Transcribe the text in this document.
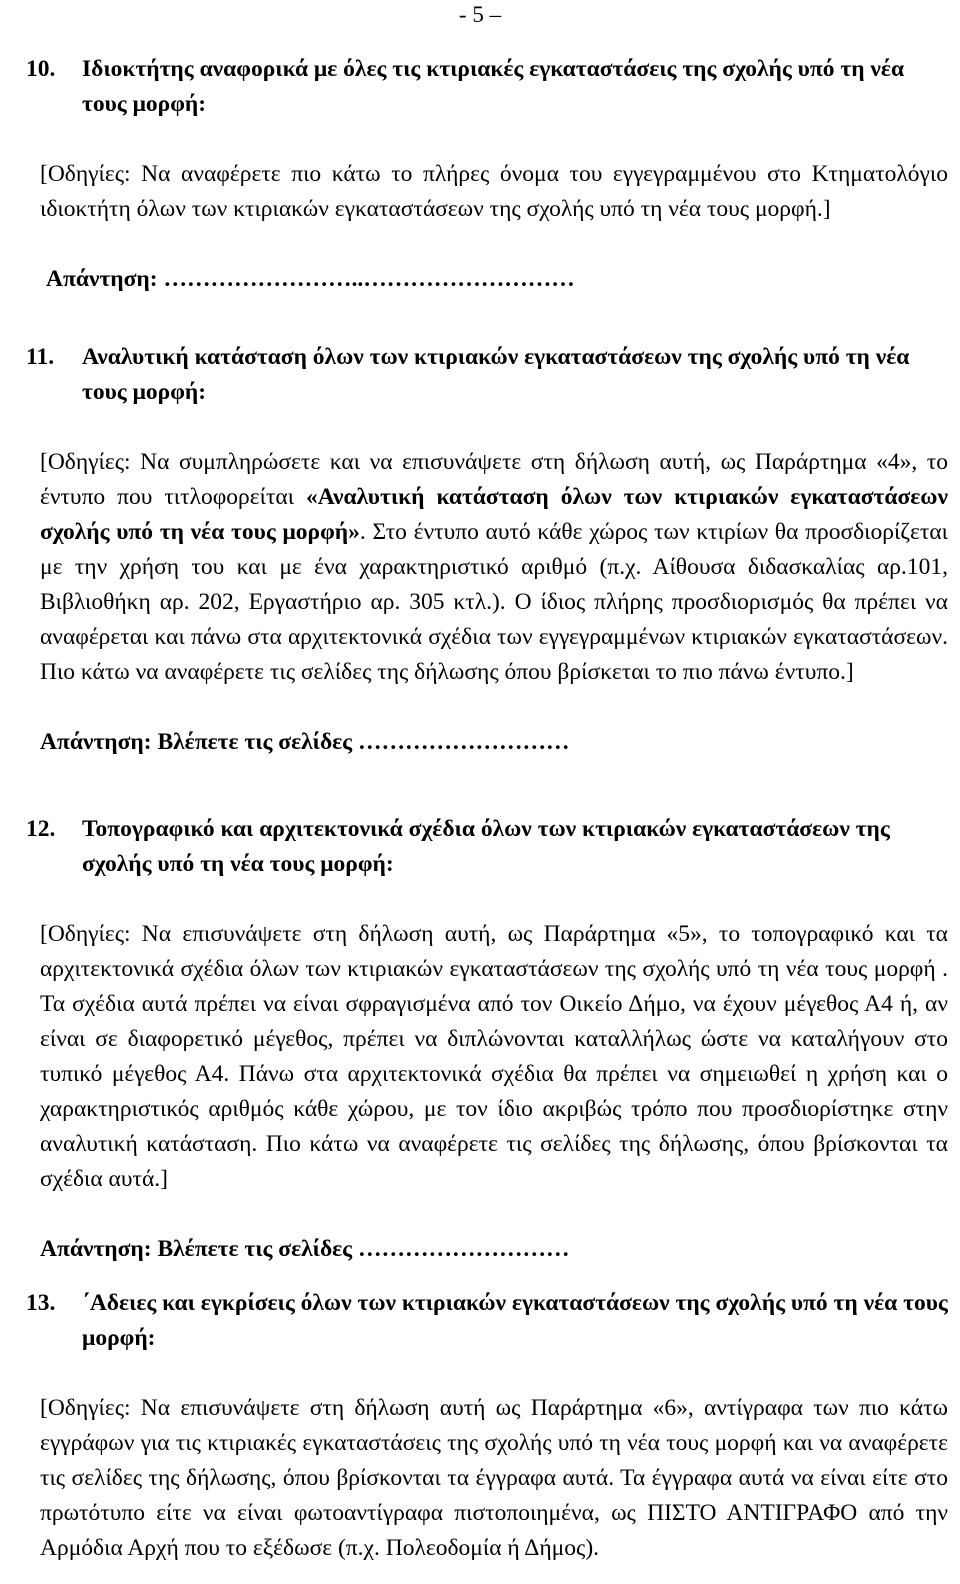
- 5 –
10. Ιδιοκτήτης αναφορικά με όλες τις κτιριακές εγκαταστάσεις της σχολής υπό τη νέα τους μορφή:
[Οδηγίες: Να αναφέρετε πιο κάτω το πλήρες όνομα του εγγεγραμμένου στο Κτηματολόγιο ιδιοκτήτη όλων των κτιριακών εγκαταστάσεων της σχολής υπό τη νέα τους μορφή.]
Απάντηση: ……………………..………………………
11. Αναλυτική κατάσταση όλων των κτιριακών εγκαταστάσεων της σχολής υπό τη νέα τους μορφή:
[Οδηγίες: Να συμπληρώσετε και να επισυνάψετε στη δήλωση αυτή, ως Παράρτημα «4», το έντυπο που τιτλοφορείται «Αναλυτική κατάσταση όλων των κτιριακών εγκαταστάσεων σχολής υπό τη νέα τους μορφή». Στο έντυπο αυτό κάθε χώρος των κτιρίων θα προσδιορίζεται με την χρήση του και με ένα χαρακτηριστικό αριθμό (π.χ. Αίθουσα διδασκαλίας αρ.101, Βιβλιοθήκη αρ. 202, Εργαστήριο αρ. 305 κτλ.). Ο ίδιος πλήρης προσδιορισμός θα πρέπει να αναφέρεται και πάνω στα αρχιτεκτονικά σχέδια των εγγεγραμμένων κτιριακών εγκαταστάσεων. Πιο κάτω να αναφέρετε τις σελίδες της δήλωσης όπου βρίσκεται το πιο πάνω έντυπο.]
Απάντηση: Βλέπετε τις σελίδες ………………………
12. Τοπογραφικό και αρχιτεκτονικά σχέδια όλων των κτιριακών εγκαταστάσεων της σχολής υπό τη νέα τους μορφή:
[Οδηγίες: Να επισυνάψετε στη δήλωση αυτή, ως Παράρτημα «5», το τοπογραφικό και τα αρχιτεκτονικά σχέδια όλων των κτιριακών εγκαταστάσεων της σχολής υπό τη νέα τους μορφή . Τα σχέδια αυτά πρέπει να είναι σφραγισμένα από τον Οικείο Δήμο, να έχουν μέγεθος Α4 ή, αν είναι σε διαφορετικό μέγεθος, πρέπει να διπλώνονται καταλλήλως ώστε να καταλήγουν στο τυπικό μέγεθος Α4. Πάνω στα αρχιτεκτονικά σχέδια θα πρέπει να σημειωθεί η χρήση και ο χαρακτηριστικός αριθμός κάθε χώρου, με τον ίδιο ακριβώς τρόπο που προσδιορίστηκε στην αναλυτική κατάσταση. Πιο κάτω να αναφέρετε τις σελίδες της δήλωσης, όπου βρίσκονται τα σχέδια αυτά.]
Απάντηση: Βλέπετε τις σελίδες ………………………
13. ΄Αδειες και εγκρίσεις όλων των κτιριακών εγκαταστάσεων της σχολής υπό τη νέα τους μορφή:
[Οδηγίες: Να επισυνάψετε στη δήλωση αυτή ως Παράρτημα «6», αντίγραφα των πιο κάτω εγγράφων για τις κτιριακές εγκαταστάσεις της σχολής υπό τη νέα τους μορφή και να αναφέρετε τις σελίδες της δήλωσης, όπου βρίσκονται τα έγγραφα αυτά. Τα έγγραφα αυτά να είναι είτε στο πρωτότυπο είτε να είναι φωτοαντίγραφα πιστοποιημένα, ως ΠΙΣΤΟ ΑΝΤΙΓΡΑΦΟ από την Αρμόδια Αρχή που το εξέδωσε (π.χ. Πολεοδομία ή Δήμος).
